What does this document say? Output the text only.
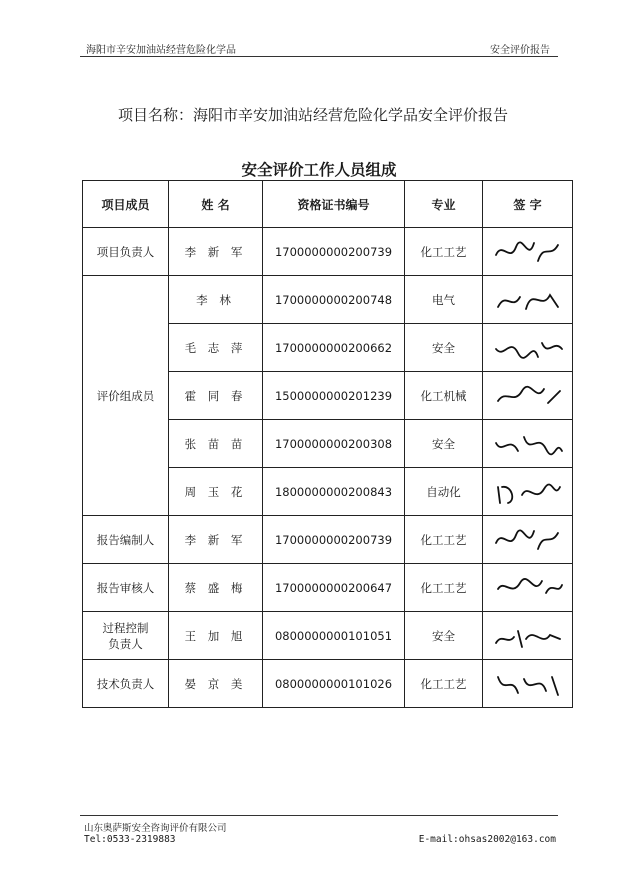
海阳市辛安加油站经营危险化学品	安全评价报告
项目名称：海阳市辛安加油站经营危险化学品安全评价报告
安全评价工作人员组成
项目成员	姓 名	资格证书编号	专业	签 字
项目负责人	李 新 军	1700000000200739	化工工艺	

评价组成员	李 林	1700000000200748	电气	

	毛 志 萍	1700000000200662	安全	

	霍 同 春	1500000000201239	化工机械	

	张 苗 苗	1700000000200308	安全	

	周 玉 花	1800000000200843	自动化	

报告编制人	李 新 军	1700000000200739	化工工艺	

报告审核人	蔡 盛 梅	1700000000200647	化工工艺	

过程控制
负责人	王 加 旭	0800000000101051	安全	

技术负责人	晏 京 美	0800000000101026	化工工艺	
山东奥萨斯安全咨询评价有限公司
Tel:0533-2319883	E-mail:ohsas2002@163.com
